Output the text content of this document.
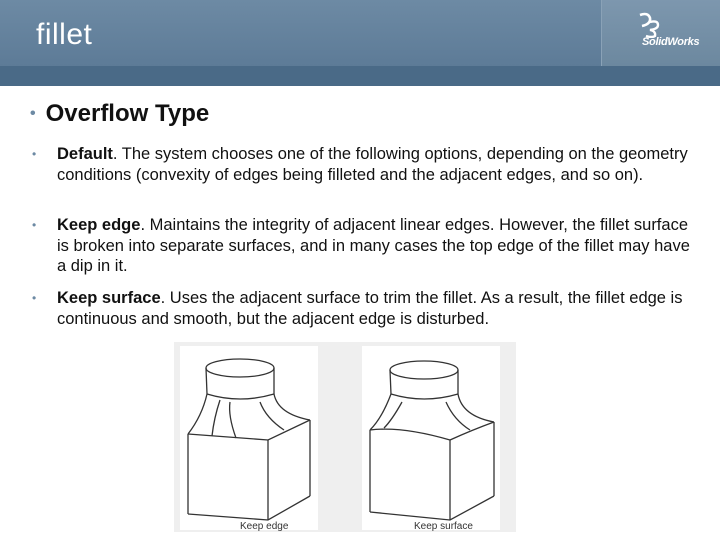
fillet	SolidWorks
• Overflow Type
• Default. The system chooses one of the following options, depending on the geometry conditions (convexity of edges being filleted and the adjacent edges, and so on).
• Keep edge. Maintains the integrity of adjacent linear edges. However, the fillet surface is broken into separate surfaces, and in many cases the top edge of the fillet may have a dip in it.
• Keep surface. Uses the adjacent surface to trim the fillet. As a result, the fillet edge is continuous and smooth, but the adjacent edge is disturbed.
Keep edge	Keep surface
